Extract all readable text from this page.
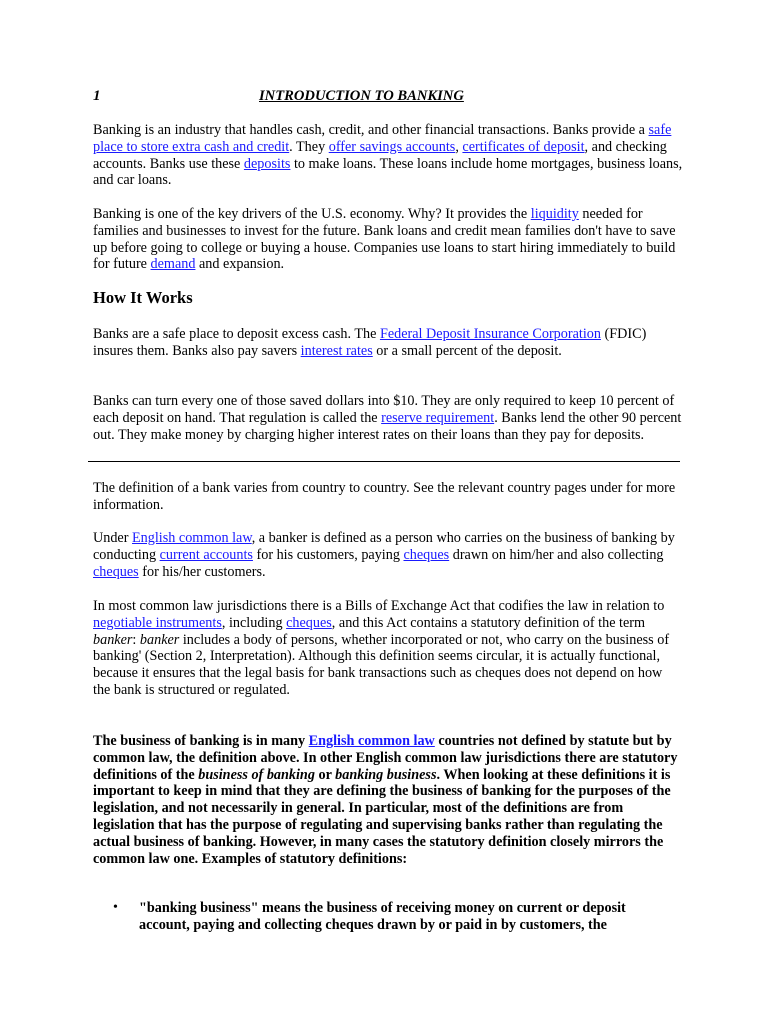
1	INTRODUCTION TO BANKING

Banking is an industry that handles cash, credit, and other financial transactions. Banks provide a safe place to store extra cash and credit. They offer savings accounts, certificates of deposit, and checking accounts. Banks use these deposits to make loans. These loans include home mortgages, business loans, and car loans.

Banking is one of the key drivers of the U.S. economy. Why? It provides the liquidity needed for families and businesses to invest for the future. Bank loans and credit mean families don't have to save up before going to college or buying a house. Companies use loans to start hiring immediately to build for future demand and expansion.

How It Works

Banks are a safe place to deposit excess cash. The Federal Deposit Insurance Corporation (FDIC) insures them. Banks also pay savers interest rates or a small percent of the deposit.

Banks can turn every one of those saved dollars into $10. They are only required to keep 10 percent of each deposit on hand. That regulation is called the reserve requirement. Banks lend the other 90 percent out. They make money by charging higher interest rates on their loans than they pay for deposits.

The definition of a bank varies from country to country. See the relevant country pages under for more information.

Under English common law, a banker is defined as a person who carries on the business of banking by conducting current accounts for his customers, paying cheques drawn on him/her and also collecting cheques for his/her customers.

In most common law jurisdictions there is a Bills of Exchange Act that codifies the law in relation to negotiable instruments, including cheques, and this Act contains a statutory definition of the term banker: banker includes a body of persons, whether incorporated or not, who carry on the business of banking' (Section 2, Interpretation). Although this definition seems circular, it is actually functional, because it ensures that the legal basis for bank transactions such as cheques does not depend on how the bank is structured or regulated.

The business of banking is in many English common law countries not defined by statute but by common law, the definition above. In other English common law jurisdictions there are statutory definitions of the business of banking or banking business. When looking at these definitions it is important to keep in mind that they are defining the business of banking for the purposes of the legislation, and not necessarily in general. In particular, most of the definitions are from legislation that has the purpose of regulating and supervising banks rather than regulating the actual business of banking. However, in many cases the statutory definition closely mirrors the common law one. Examples of statutory definitions:

• "banking business" means the business of receiving money on current or deposit account, paying and collecting cheques drawn by or paid in by customers, the
